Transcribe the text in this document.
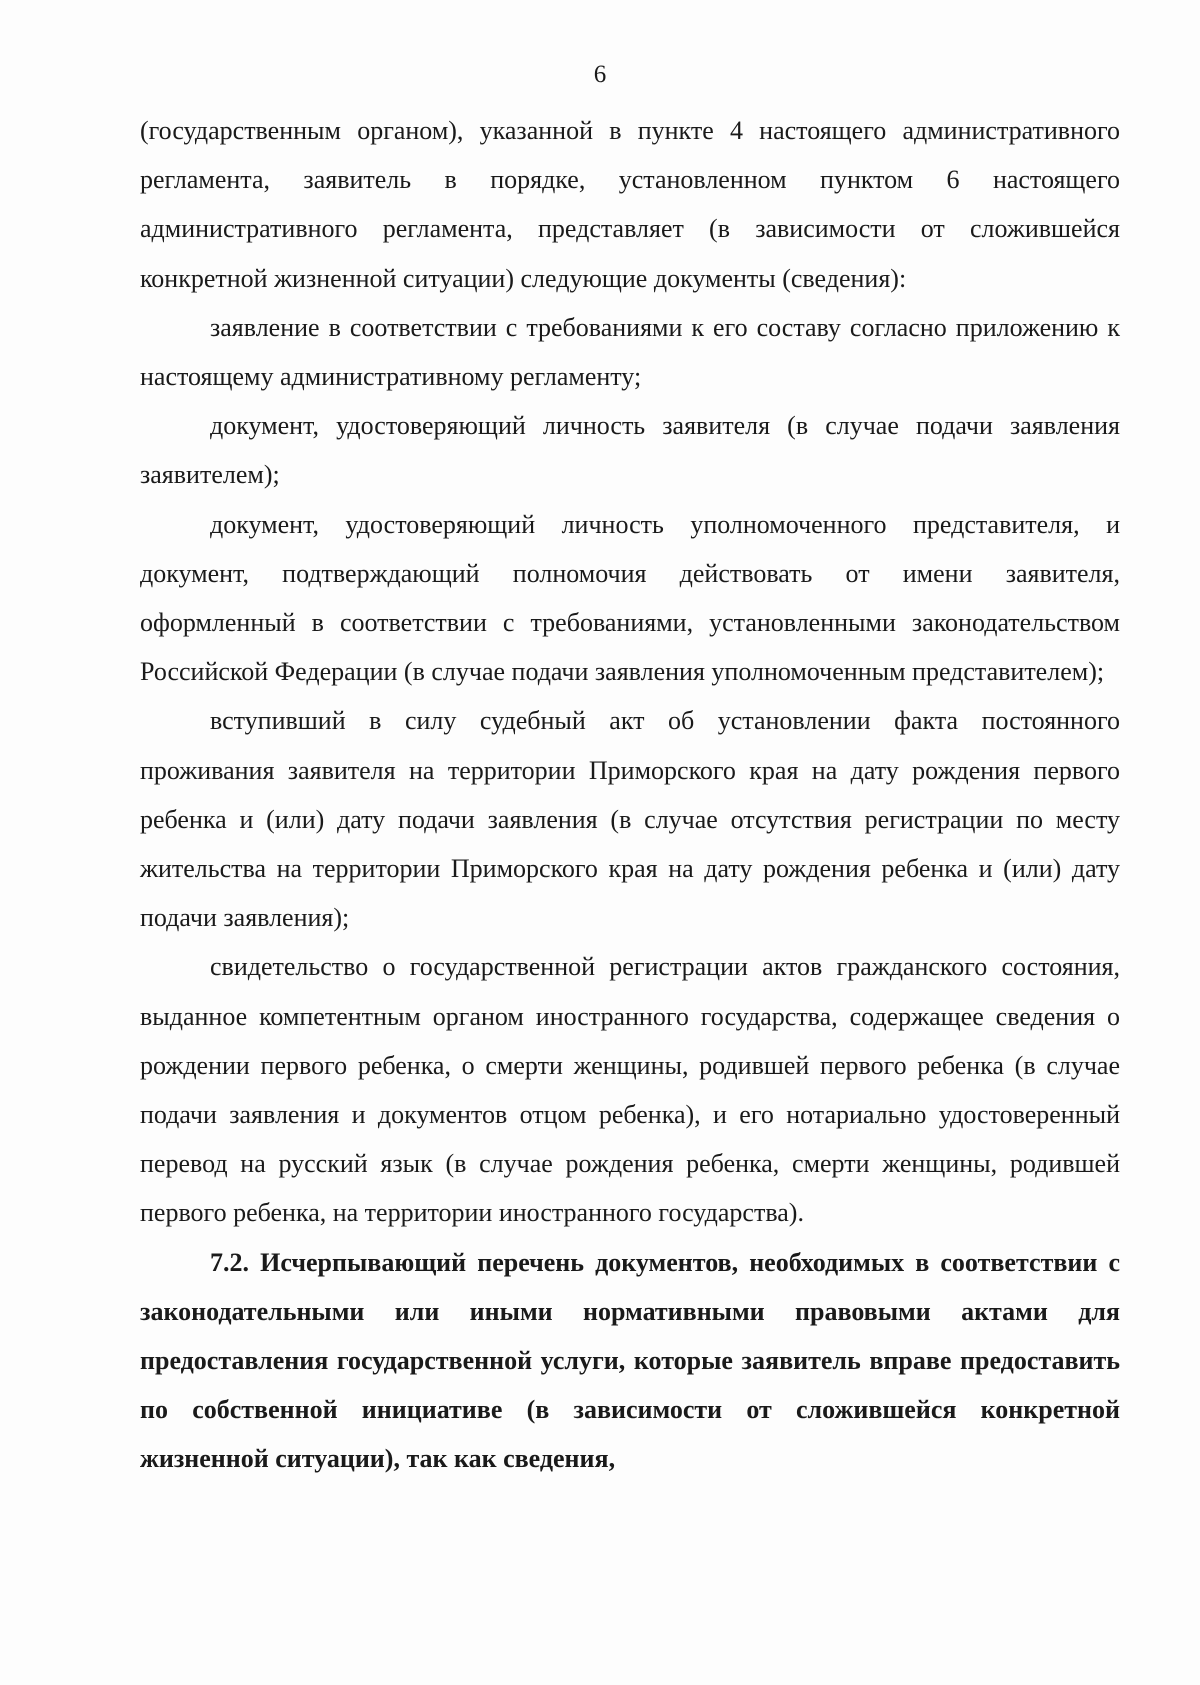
6

(государственным органом), указанной в пункте 4 настоящего административного регламента, заявитель в порядке, установленном пунктом 6 настоящего административного регламента, представляет (в зависимости от сложившейся конкретной жизненной ситуации) следующие документы (сведения):

заявление в соответствии с требованиями к его составу согласно приложению к настоящему административному регламенту;

документ, удостоверяющий личность заявителя (в случае подачи заявления заявителем);

документ, удостоверяющий личность уполномоченного представителя, и документ, подтверждающий полномочия действовать от имени заявителя, оформленный в соответствии с требованиями, установленными законодательством Российской Федерации (в случае подачи заявления уполномоченным представителем);

вступивший в силу судебный акт об установлении факта постоянного проживания заявителя на территории Приморского края на дату рождения первого ребенка и (или) дату подачи заявления (в случае отсутствия регистрации по месту жительства на территории Приморского края на дату рождения ребенка и (или) дату подачи заявления);

свидетельство о государственной регистрации актов гражданского состояния, выданное компетентным органом иностранного государства, содержащее сведения о рождении первого ребенка, о смерти женщины, родившей первого ребенка (в случае подачи заявления и документов отцом ребенка), и его нотариально удостоверенный перевод на русский язык (в случае рождения ребенка, смерти женщины, родившей первого ребенка, на территории иностранного государства).

7.2. Исчерпывающий перечень документов, необходимых в соответствии с законодательными или иными нормативными правовыми актами для предоставления государственной услуги, которые заявитель вправе предоставить по собственной инициативе (в зависимости от сложившейся конкретной жизненной ситуации), так как сведения,
